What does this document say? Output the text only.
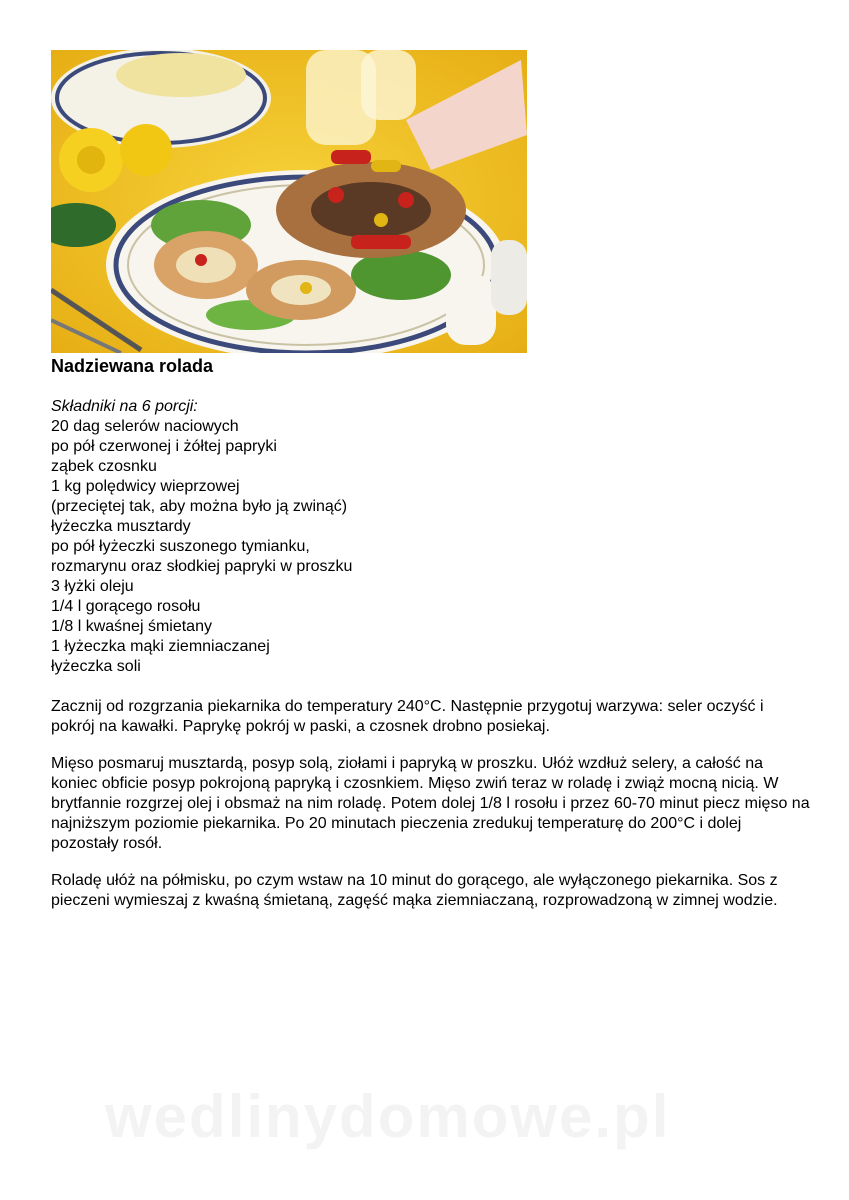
Nadziewana rolada
Składniki na 6 porcji:
20 dag selerów naciowych
po pół czerwonej i żółtej papryki
ząbek czosnku
1 kg polędwicy wieprzowej
(przeciętej tak, aby można było ją zwinąć)
łyżeczka musztardy
po pół łyżeczki suszonego tymianku,
rozmarynu oraz słodkiej papryki w proszku
3 łyżki oleju
1/4 l gorącego rosołu
1/8 l kwaśnej śmietany
1 łyżeczka mąki ziemniaczanej
łyżeczka soli
Zacznij od rozgrzania piekarnika do temperatury 240°C. Następnie przygotuj warzywa: seler oczyść i pokrój na kawałki. Paprykę pokrój w paski, a czosnek drobno posiekaj.
Mięso posmaruj musztardą, posyp solą, ziołami i papryką w proszku. Ułóż wzdłuż selery, a całość na koniec obficie posyp pokrojoną papryką i czosnkiem. Mięso zwiń teraz w roladę i zwiąż mocną nicią. W brytfannie rozgrzej olej i obsmaż na nim roladę. Potem dolej 1/8 l rosołu i przez 60-70 minut piecz mięso na najniższym poziomie piekarnika. Po 20 minutach pieczenia zredukuj temperaturę do 200°C i dolej pozostały rosół.
Roladę ułóż na półmisku, po czym wstaw na 10 minut do gorącego, ale wyłączonego piekarnika. Sos z pieczeni wymieszaj z kwaśną śmietaną, zagęść mąka ziemniaczaną, rozprowadzoną w zimnej wodzie.
wedlinydomowe.pl
